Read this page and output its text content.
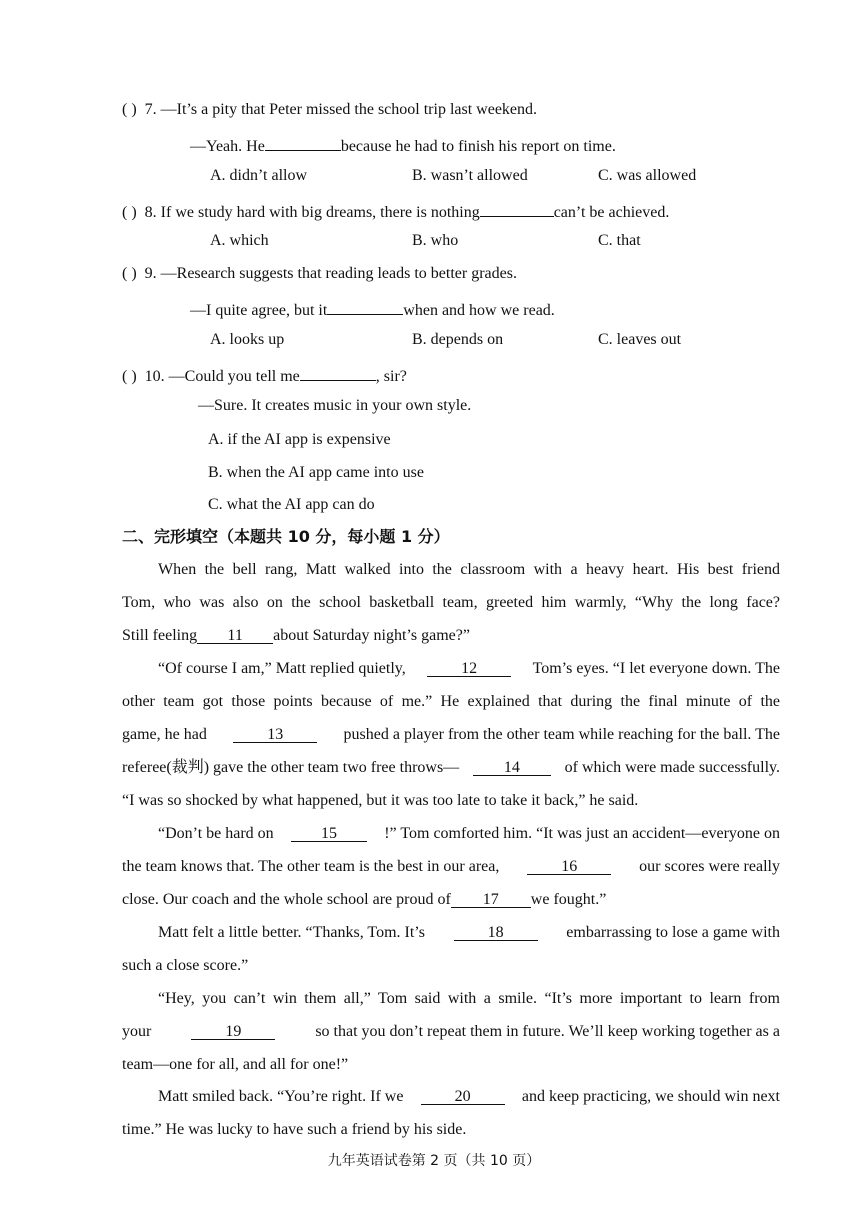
( ) 7. —It’s a pity that Peter missed the school trip last weekend.
—Yeah. He	because he had to finish his report on time.
A. didn’t allow	B. wasn’t allowed	C. was allowed
( ) 8. If we study hard with big dreams, there is nothing	can’t be achieved.
A. which	B. who	C. that
( ) 9. —Research suggests that reading leads to better grades.
—I quite agree, but it	when and how we read.
A. looks up	B. depends on	C. leaves out
( ) 10. —Could you tell me	, sir?
—Sure. It creates music in your own style.
A. if the AI app is expensive
B. when the AI app came into use
C. what the AI app can do
二、完形填空（本题共 10 分，每小题 1 分）
When the bell rang, Matt walked into the classroom with a heavy heart. His best friend
Tom, who was also on the school basketball team, greeted him warmly, “Why the long face?
Still feeling 11 about Saturday night’s game?”
“Of course I am,” Matt replied quietly,	12	Tom’s eyes. “I let everyone down. The
other team got those points because of me.” He explained that during the final minute of the
game, he had	13	pushed a player from the other team while reaching for the ball. The
referee(裁判) gave the other team two free throws—	14	of which were made successfully.
“I was so shocked by what happened, but it was too late to take it back,” he said.
“Don’t be hard on	15	!” Tom comforted him. “It was just an accident—everyone on
the team knows that. The other team is the best in our area,	16	our scores were really
close. Our coach and the whole school are proud of 17 we fought.”
Matt felt a little better. “Thanks, Tom. It’s	18	embarrassing to lose a game with
such a close score.”
“Hey, you can’t win them all,” Tom said with a smile. “It’s more important to learn from
your	19	so that you don’t repeat them in future. We’ll keep working together as a
team—one for all, and all for one!”
Matt smiled back. “You’re right. If we	20	and keep practicing, we should win next
time.” He was lucky to have such a friend by his side.
九年英语试卷第 2 页（共 10 页）
